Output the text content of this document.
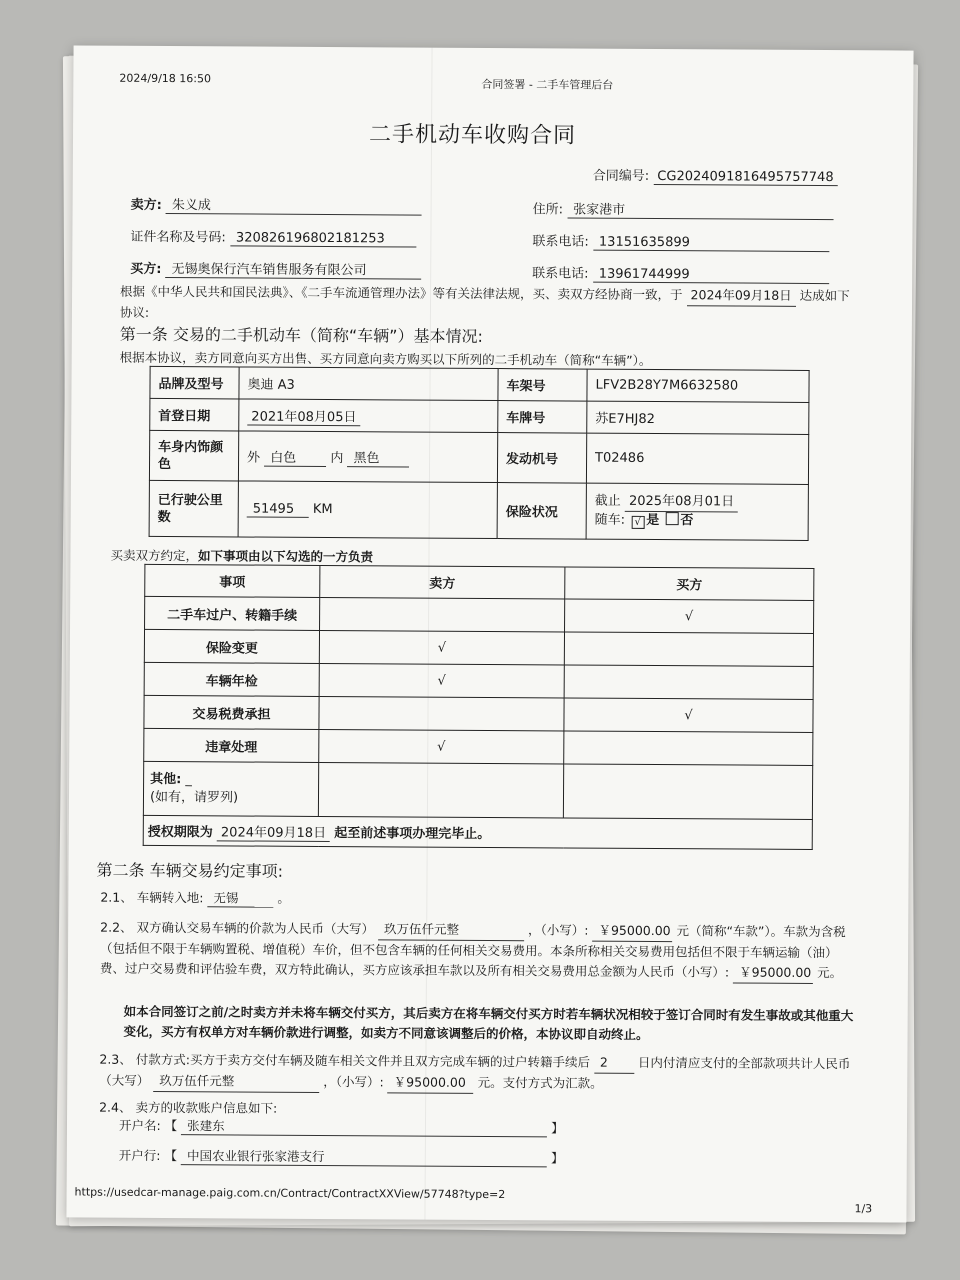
2024/9/18 16:50	合同签署 - 二手车管理后台
二手机动车收购合同
合同编号: CG2024091816495757748
卖方: 朱义成	住所: 张家港市
证件名称及号码: 320826196802181253	联系电话: 13151635899
买方: 无锡奥保行汽车销售服务有限公司	联系电话: 13961744999
根据《中华人民共和国民法典》、《二手车流通管理办法》等有关法律法规，买、卖双方经协商一致，于 2024年09月18日 达成如下协议:
第一条 交易的二手机动车（简称“车辆”）基本情况:
根据本协议，卖方同意向买方出售、买方同意向卖方购买以下所列的二手机动车（简称“车辆”）。
品牌及型号	奥迪 A3	车架号	LFV2B28Y7M6632580
首登日期	2021年08月05日	车牌号	苏E7HJ82
车身内饰颜色	外 白色 内 黑色	发动机号	T02486
已行驶公里数	51495 KM	保险状况	截止 2025年08月01日
随车: √ 是 否
买卖双方约定，如下事项由以下勾选的一方负责
事项	卖方	买方
二手车过户、转籍手续		√
保险变更	√	
车辆年检	√	
交易税费承担		√
违章处理	√	
其他: _
(如有，请罗列)		
授权期限为 2024年09月18日 起至前述事项办理完毕止。		
第二条 车辆交易约定事项:
2.1、 车辆转入地: 无锡	。
2.2、 双方确认交易车辆的价款为人民币（大写） 玖万伍仟元整	，（小写）: ￥95000.00 元（简称“车款”）。车款为含税（包括但不限于车辆购置税、增值税）车价，但不包含车辆的任何相关交易费用。本条所称相关交易费用包括但不限于车辆运输（油）费、过户交易费和评估验车费，双方特此确认，买方应该承担车款以及所有相关交易费用总金额为人民币（小写）: ￥95000.00 元。
如本合同签订之前/之时卖方并未将车辆交付买方，其后卖方在将车辆交付买方时若车辆状况相较于签订合同时有发生事故或其他重大变化，买方有权单方对车辆价款进行调整，如卖方不同意该调整后的价格，本协议即自动终止。
2.3、 付款方式:买方于卖方交付车辆及随车相关文件并且双方完成车辆的过户转籍手续后 2 日内付清应支付的全部款项共计人民币（大写） 玖万伍仟元整	，（小写）: ￥95000.00 元。支付方式为汇款。
2.4、 卖方的收款账户信息如下:
开户名: 【 张建东	】
开户行: 【 中国农业银行张家港支行	】
https://usedcar-manage.paig.com.cn/Contract/ContractXXView/57748?type=2
1/3
